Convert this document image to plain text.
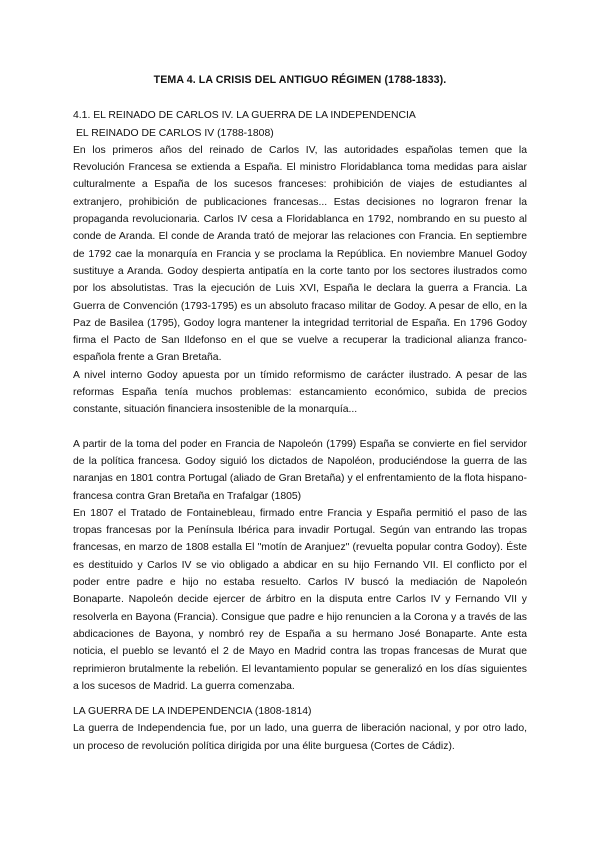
TEMA 4. LA CRISIS DEL ANTIGUO RÉGIMEN (1788-1833).

4.1. EL REINADO DE CARLOS IV. LA GUERRA DE LA INDEPENDENCIA

EL REINADO DE CARLOS IV (1788-1808)

En los primeros años del reinado de Carlos IV, las autoridades españolas temen que la Revolución Francesa se extienda a España. El ministro Floridablanca toma medidas para aislar culturalmente a España de los sucesos franceses: prohibición de viajes de estudiantes al extranjero, prohibición de publicaciones francesas... Estas decisiones no lograron frenar la propaganda revolucionaria. Carlos IV cesa a Floridablanca en 1792, nombrando en su puesto al conde de Aranda. El conde de Aranda trató de mejorar las relaciones con Francia. En septiembre de 1792 cae la monarquía en Francia y se proclama la República. En noviembre Manuel Godoy sustituye a Aranda. Godoy despierta antipatía en la corte tanto por los sectores ilustrados como por los absolutistas. Tras la ejecución de Luis XVI, España le declara la guerra a Francia. La Guerra de Convención (1793-1795) es un absoluto fracaso militar de Godoy. A pesar de ello, en la Paz de Basilea (1795), Godoy logra mantener la integridad territorial de España. En 1796 Godoy firma el Pacto de San Ildefonso en el que se vuelve a recuperar la tradicional alianza franco-española frente a Gran Bretaña.

A nivel interno Godoy apuesta por un tímido reformismo de carácter ilustrado. A pesar de las reformas España tenía muchos problemas: estancamiento económico, subida de precios constante, situación financiera insostenible de la monarquía...

A partir de la toma del poder en Francia de Napoleón (1799) España se convierte en fiel servidor de la política francesa. Godoy siguió los dictados de Napoléon, produciéndose la guerra de las naranjas en 1801 contra Portugal (aliado de Gran Bretaña) y el enfrentamiento de la flota hispano-francesa contra Gran Bretaña en Trafalgar (1805)

En 1807 el Tratado de Fontainebleau, firmado entre Francia y España permitió el paso de las tropas francesas por la Península Ibérica para invadir Portugal. Según van entrando las tropas francesas, en marzo de 1808 estalla El "motín de Aranjuez" (revuelta popular contra Godoy). Éste es destituido y Carlos IV se vio obligado a abdicar en su hijo Fernando VII. El conflicto por el poder entre padre e hijo no estaba resuelto. Carlos IV buscó la mediación de Napoleón Bonaparte. Napoleón decide ejercer de árbitro en la disputa entre Carlos IV y Fernando VII y resolverla en Bayona (Francia). Consigue que padre e hijo renuncien a la Corona y a través de las abdicaciones de Bayona, y nombró rey de España a su hermano José Bonaparte. Ante esta noticia, el pueblo se levantó el 2 de Mayo en Madrid contra las tropas francesas de Murat que reprimieron brutalmente la rebelión. El levantamiento popular se generalizó en los días siguientes a los sucesos de Madrid. La guerra comenzaba.

LA GUERRA DE LA INDEPENDENCIA (1808-1814)

La guerra de Independencia fue, por un lado, una guerra de liberación nacional, y por otro lado, un proceso de revolución política dirigida por una élite burguesa (Cortes de Cádiz).
